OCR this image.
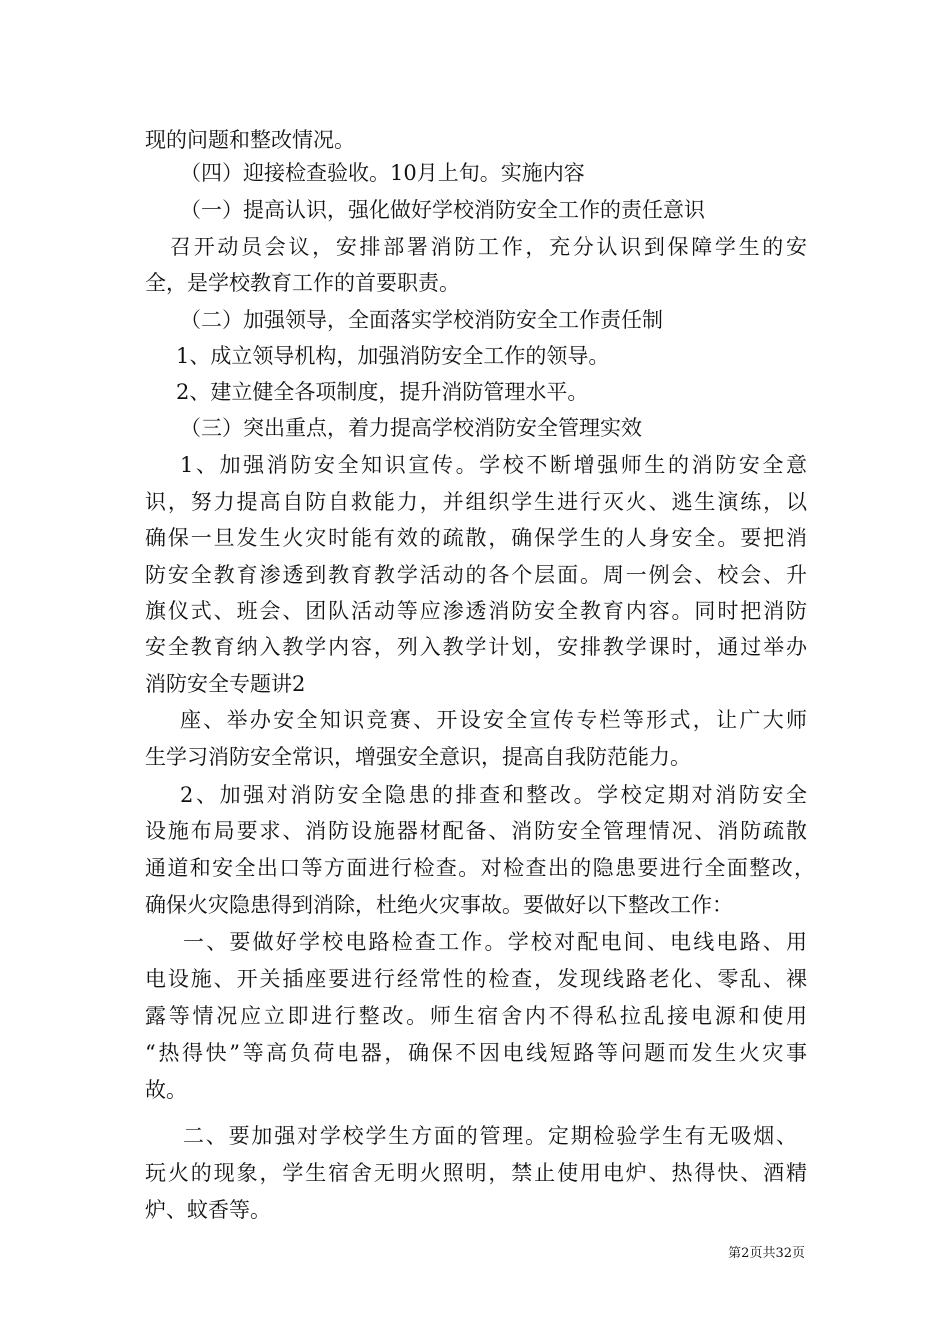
现的问题和整改情况。
（四）迎接检查验收。10月上旬。实施内容
（一）提高认识，强化做好学校消防安全工作的责任意识
召开动员会议，安排部署消防工作，充分认识到保障学生的安
全，是学校教育工作的首要职责。
（二）加强领导，全面落实学校消防安全工作责任制
1、成立领导机构，加强消防安全工作的领导。
2、建立健全各项制度，提升消防管理水平。
（三）突出重点，着力提高学校消防安全管理实效
1、加强消防安全知识宣传。学校不断增强师生的消防安全意
识，努力提高自防自救能力，并组织学生进行灭火、逃生演练，以
确保一旦发生火灾时能有效的疏散，确保学生的人身安全。要把消
防安全教育渗透到教育教学活动的各个层面。周一例会、校会、升
旗仪式、班会、团队活动等应渗透消防安全教育内容。同时把消防
安全教育纳入教学内容，列入教学计划，安排教学课时，通过举办
消防安全专题讲2
座、举办安全知识竞赛、开设安全宣传专栏等形式，让广大师
生学习消防安全常识，增强安全意识，提高自我防范能力。
2、加强对消防安全隐患的排查和整改。学校定期对消防安全
设施布局要求、消防设施器材配备、消防安全管理情况、消防疏散
通道和安全出口等方面进行检查。对检查出的隐患要进行全面整改，
确保火灾隐患得到消除，杜绝火灾事故。要做好以下整改工作：
一、要做好学校电路检查工作。学校对配电间、电线电路、用
电设施、开关插座要进行经常性的检查，发现线路老化、零乱、裸
露等情况应立即进行整改。师生宿舍内不得私拉乱接电源和使用
“热得快”等高负荷电器，确保不因电线短路等问题而发生火灾事
故。
二、要加强对学校学生方面的管理。定期检验学生有无吸烟、
玩火的现象，学生宿舍无明火照明，禁止使用电炉、热得快、酒精
炉、蚊香等。
第2页共32页
